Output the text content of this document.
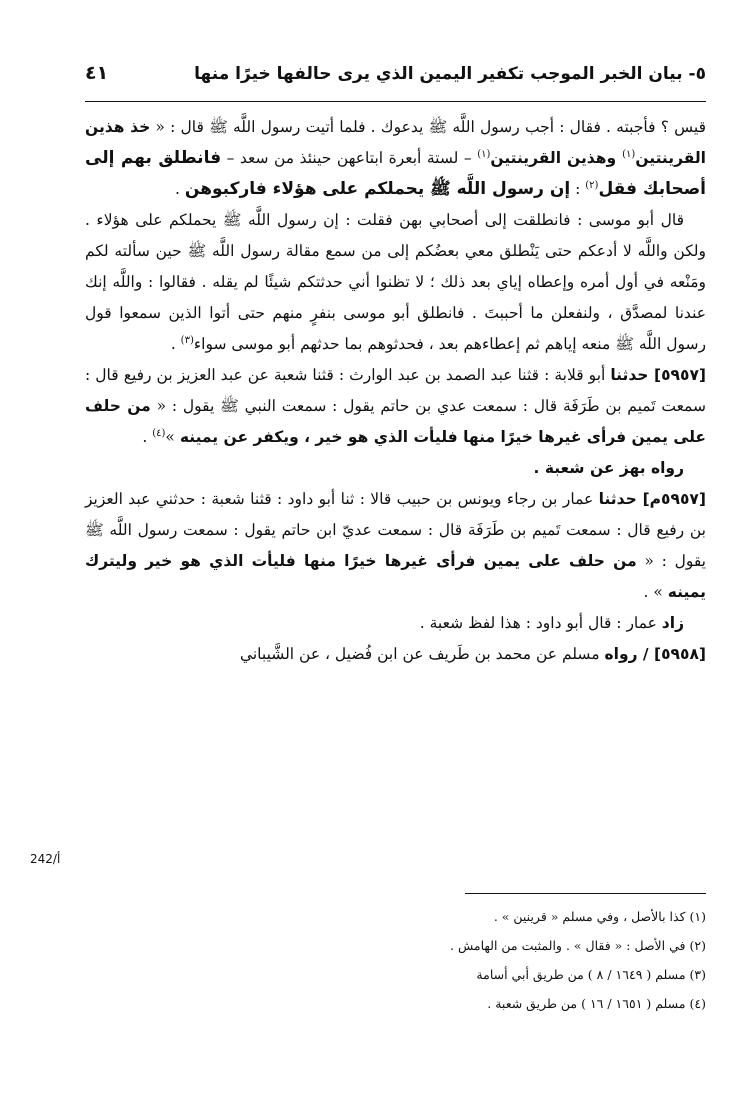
٥- بيان الخبر الموجب تكفير اليمين الذي يرى حالفها خيرًا منها
٤١

قيس ؟ فأجبته . فقال : أجب رسول اللَّه ﷺ يدعوك . فلما أتيت رسول اللَّه ﷺ قال : « خذ هذين القرينتين$^{(١)}$ وهذين القرينتين$^{(١)}$ – لستة أبعرة ابتاعهن حينئذ من سعد – فانطلق بهم إلى أصحابك فقل$^{(٢)}$ : إن رسول اللَّه ﷺ يحملكم على هؤلاء فاركبوهن .

قال أبو موسى : فانطلقت إلى أصحابي بهن فقلت : إن رسول اللَّه ﷺ يحملكم على هؤلاء . ولكن واللَّه لا أدعكم حتى يَنْطلق معي بعضُكم إلى من سمع مقالة رسول اللَّه ﷺ حين سألته لكم ومَنْعه في أول أمره وإعطاه إياي بعد ذلك ؛ لا تظنوا أني حدثتكم شيئًا لم يقله . فقالوا : واللَّه إنك عندنا لمصدَّق ، ولنفعلن ما أحببتَ . فانطلق أبو موسى بنفرٍ منهم حتى أتوا الذين سمعوا قول رسول اللَّه ﷺ منعه إياهم ثم إعطاءهم بعد ، فحدثوهم بما حدثهم أبو موسى سواء$^{(٣)}$ .

[٥٩٥٧] حدثنا أبو قلابة : قثنا عبد الصمد بن عبد الوارث : قثنا شعبة عن عبد العزيز بن رفيع قال : سمعت تَميم بن طَرَفَة قال : سمعت عدي بن حاتم يقول : سمعت النبي ﷺ يقول : « من حلف على يمين فرأى غيرها خيرًا منها فليأت الذي هو خير ، ويكفر عن يمينه »$^{(٤)}$ .

رواه بهز عن شعبة .

[٥٩٥٧م] حدثنا عمار بن رجاء ويونس بن حبيب قالا : ثنا أبو داود : قثنا شعبة : حدثني عبد العزيز بن رفيع قال : سمعت تَميم بن طَرَفَة قال : سمعت عديّ ابن حاتم يقول : سمعت رسول اللَّه ﷺ يقول : « من حلف على يمين فرأى غيرها خيرًا منها فليأت الذي هو خير وليترك يمينه » .

زاد عمار : قال أبو داود : هذا لفظ شعبة .

[٥٩٥٨] / رواه مسلم عن محمد بن طَريف عن ابن فُضيل ، عن الشَّيباني

242/أ
(١) كذا بالأصل ، وفي مسلم « قرينين » .
(٢) في الأصل : « فقال » . والمثبت من الهامش .
(٣) مسلم ( ١٦٤٩ / ٨ ) من طريق أبي أسامة
(٤) مسلم ( ١٦٥١ / ١٦ ) من طريق شعبة .
